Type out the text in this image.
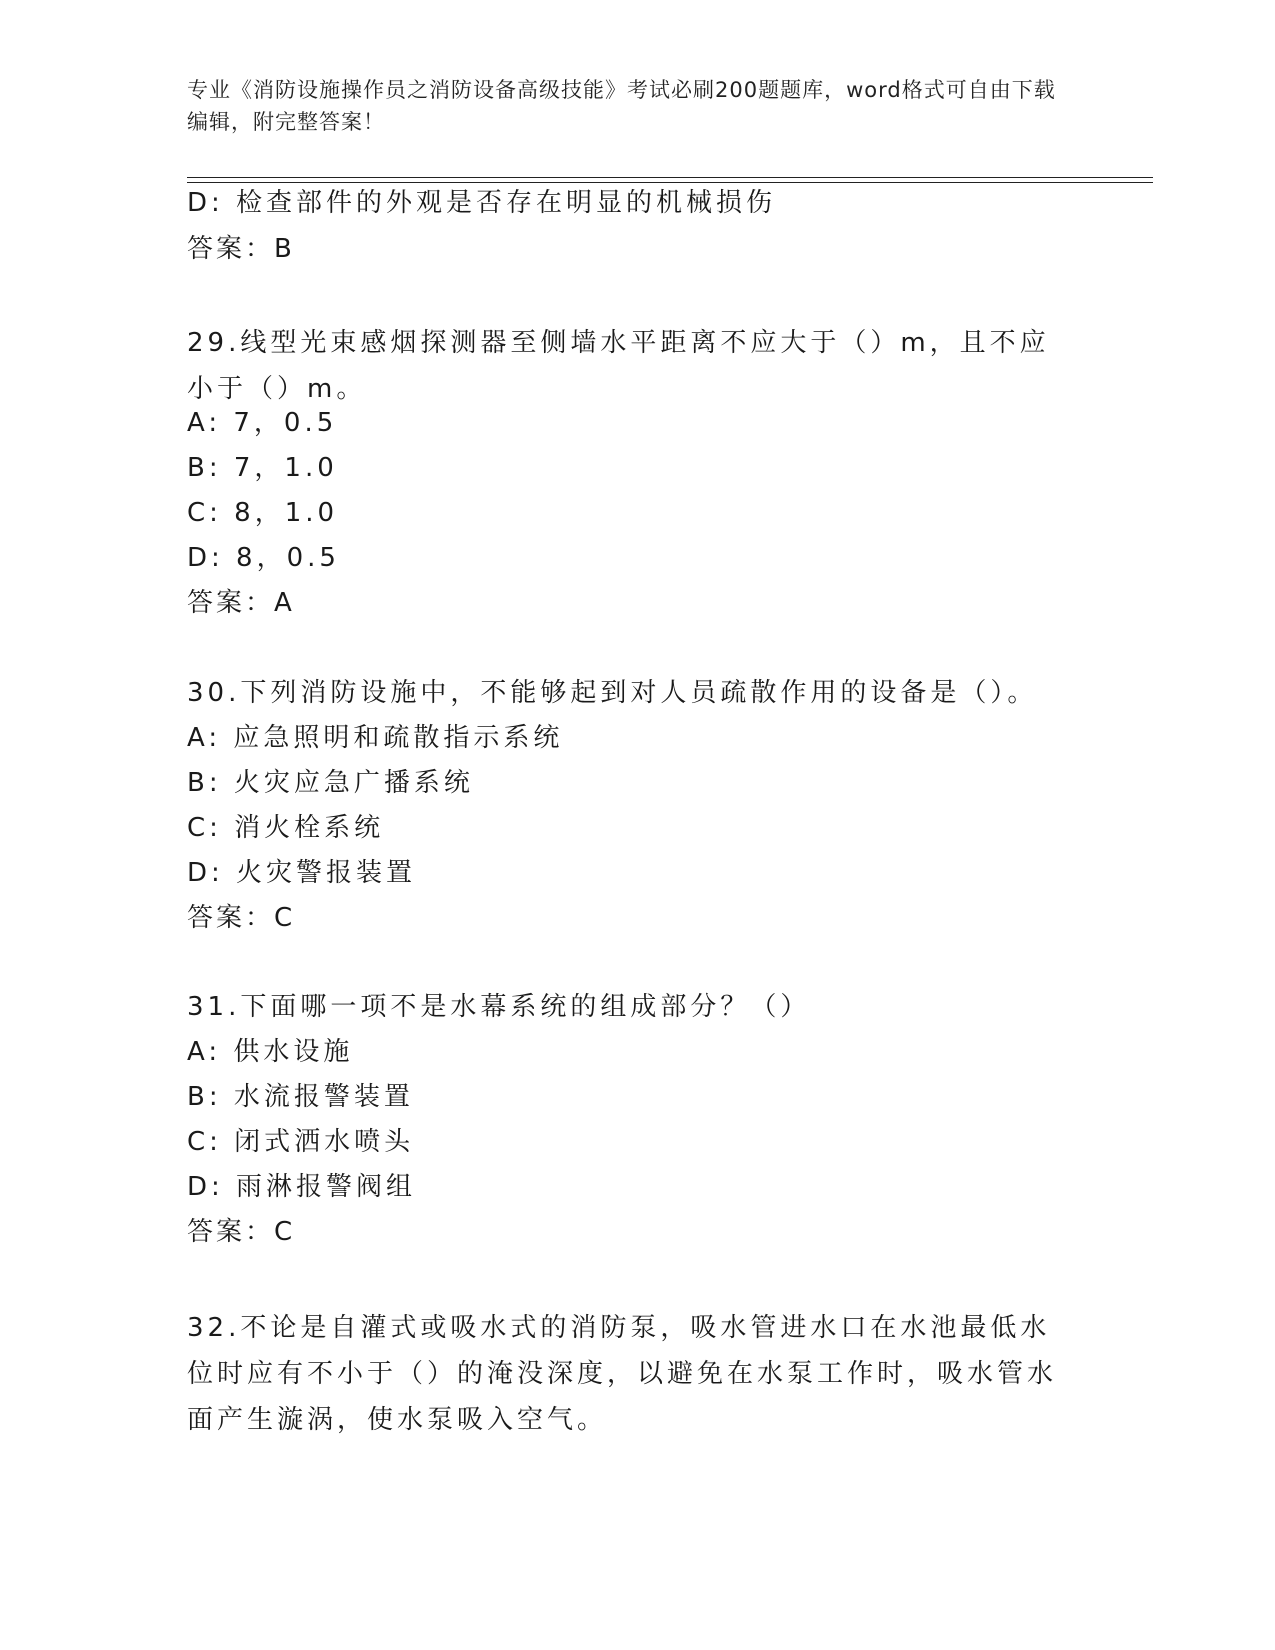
专业《消防设施操作员之消防设备高级技能》考试必刷200题题库，word格式可自由下载编辑，附完整答案！
D: 检查部件的外观是否存在明显的机械损伤
答案：B
29.线型光束感烟探测器至侧墙水平距离不应大于（）m，且不应小于（）m。
A: 7，0.5
B: 7，1.0
C: 8，1.0
D: 8，0.5
答案：A
30.下列消防设施中，不能够起到对人员疏散作用的设备是（）。
A: 应急照明和疏散指示系统
B: 火灾应急广播系统
C: 消火栓系统
D: 火灾警报装置
答案：C
31.下面哪一项不是水幕系统的组成部分？（）
A: 供水设施
B: 水流报警装置
C: 闭式洒水喷头
D: 雨淋报警阀组
答案：C
32.不论是自灌式或吸水式的消防泵，吸水管进水口在水池最低水位时应有不小于（）的淹没深度，以避免在水泵工作时，吸水管水面产生漩涡，使水泵吸入空气。
